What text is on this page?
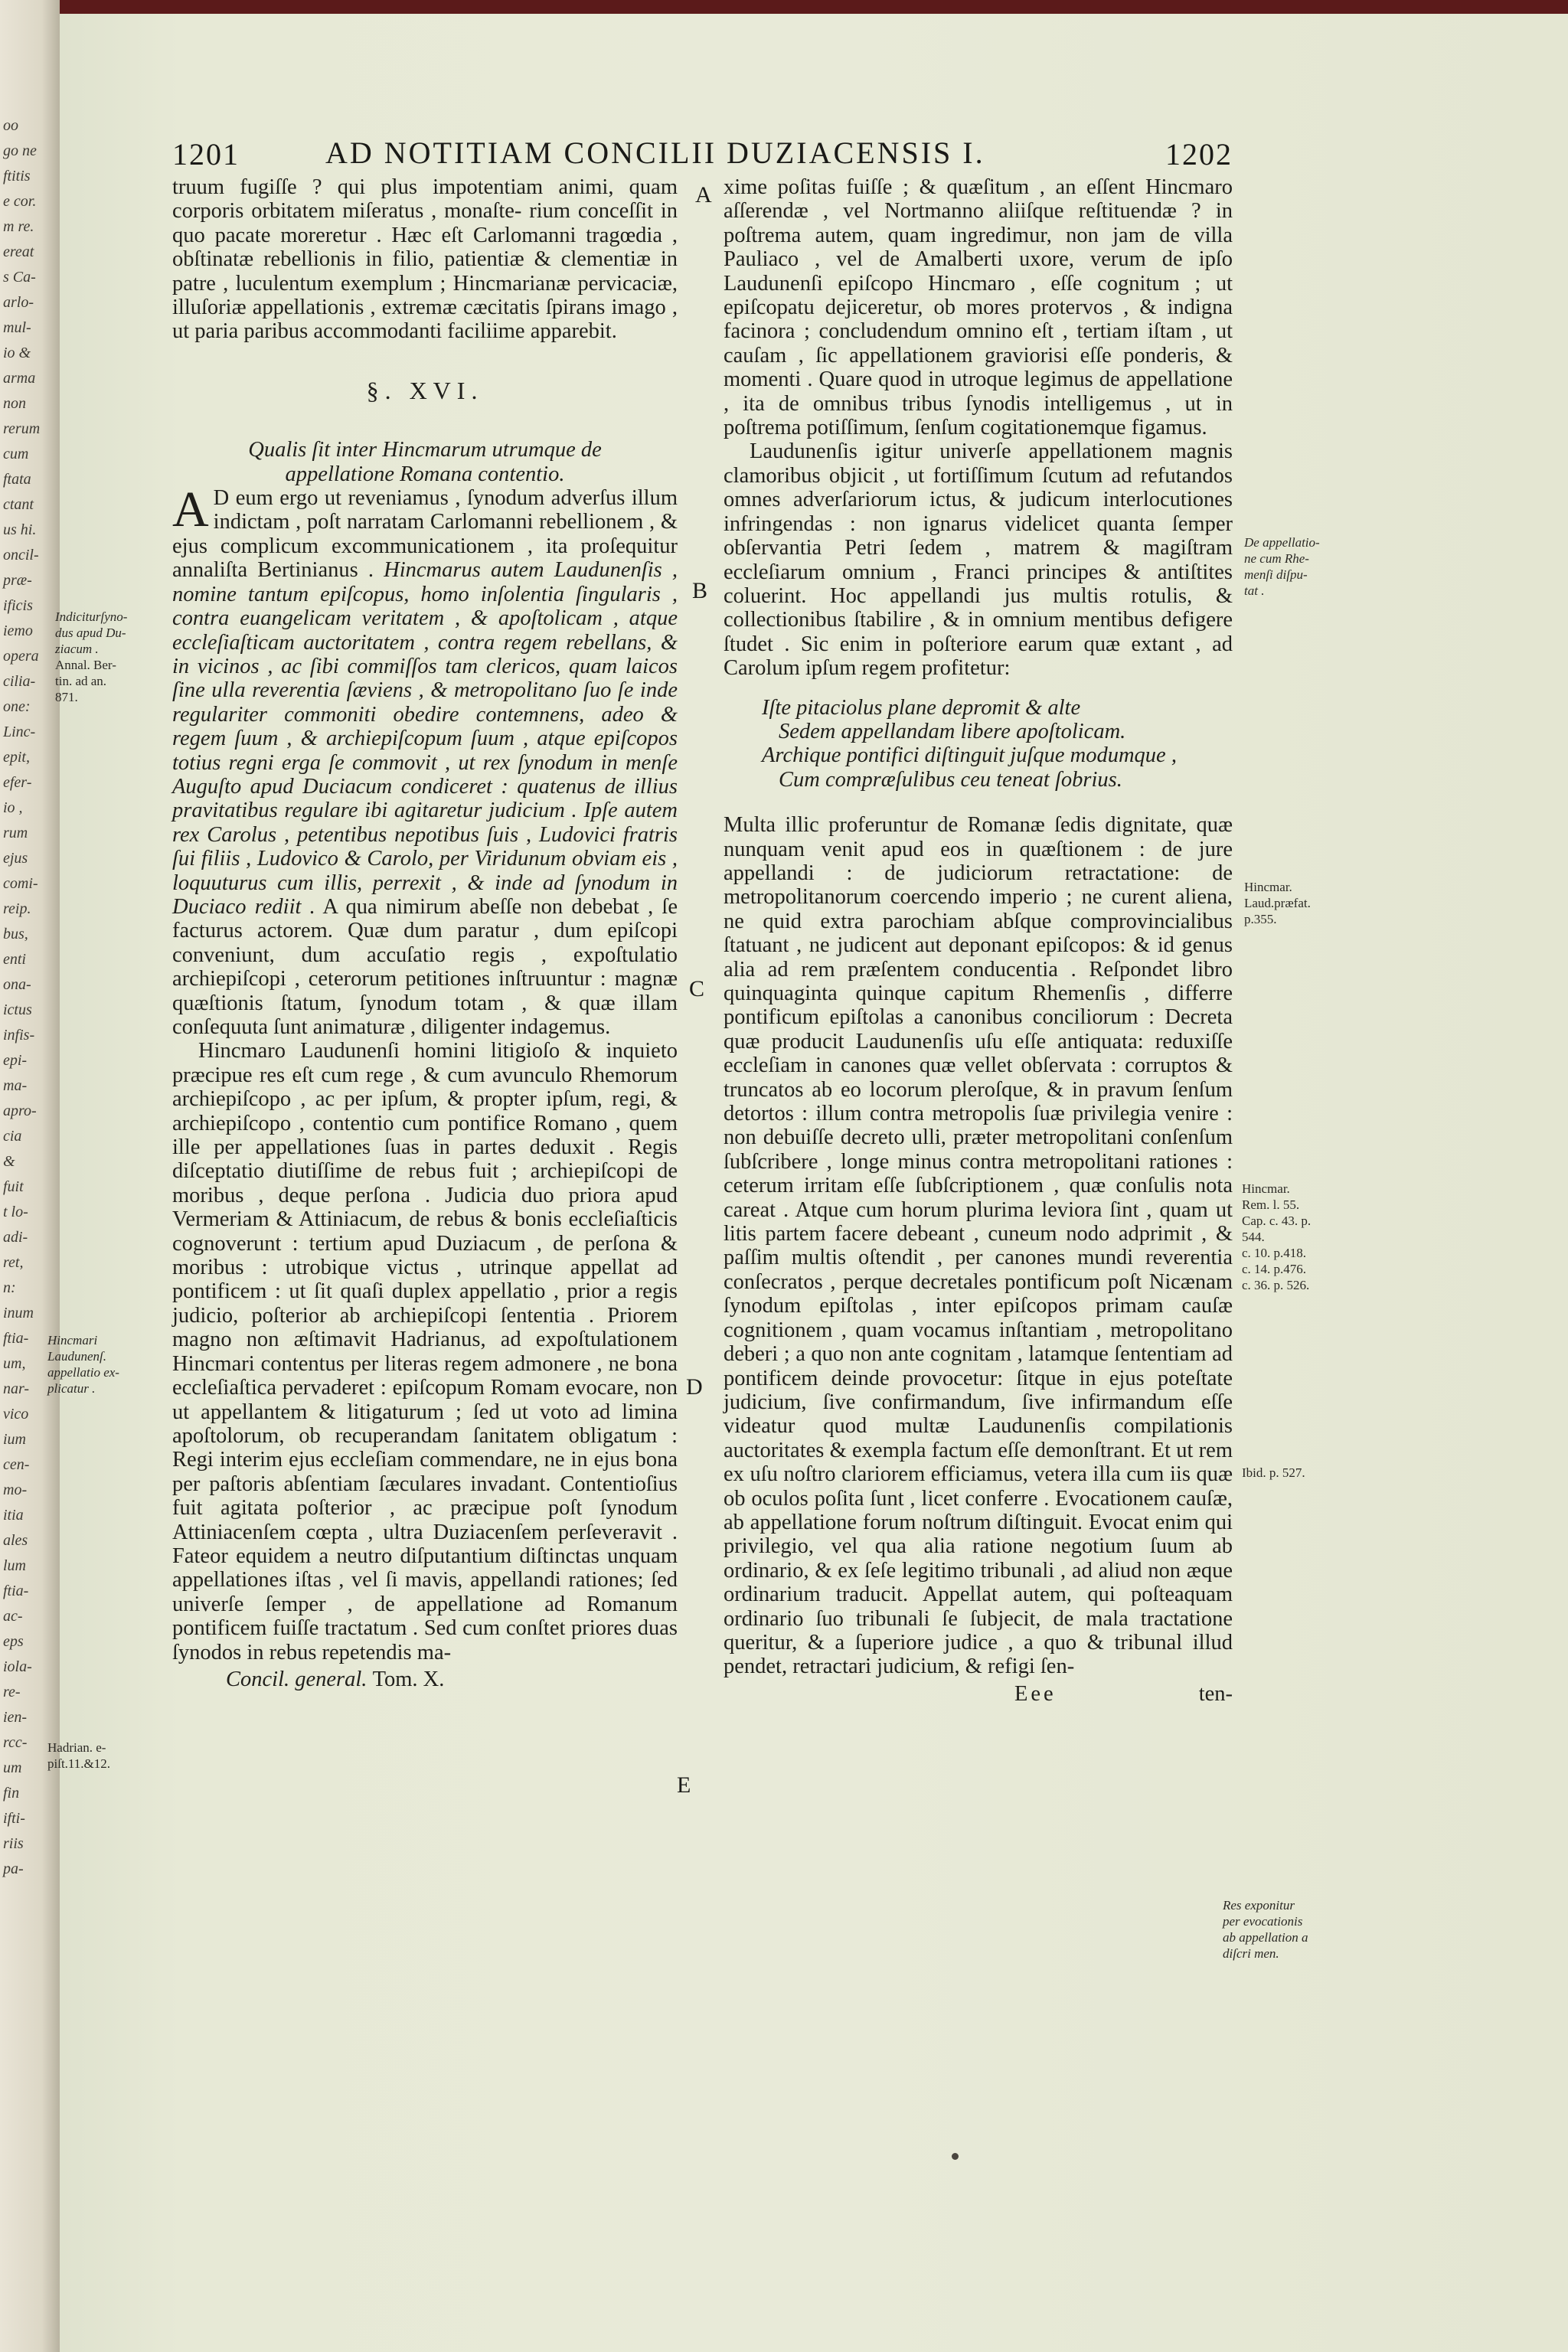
oo
go ne
ftitis
e cor.
m re.
ereat
s Ca-
arlo-
mul-
io &
arma
non
rerum
cum
ftata
ctant
us hi.
oncil-
præ-
ificis
iemo
opera
cilia-
one:
Linc-
epit,
efer-
io ,
rum
ejus
comi-
reip.
bus,
enti
ona-
ictus
infis-
epi-
ma-
apro-
cia
&
fuit
t lo-
adi-
ret,
n:
inum
ftia-
um,
nar-
vico
ium
cen-
mo-
itia
ales
lum
ftia-
ac-
eps
iola-
re-
ien-
rcc-
um
fin
ifti-
riis
pa-
1201	AD NOTITIAM CONCILII DUZIACENSIS I.	1202

truum fugiſſe ? qui plus impotentiam animi, quam corporis orbitatem miſeratus , monaſte- rium conceſſit in quo pacate moreretur . Hæc eſt Carlomanni tragœdia , obſtinatæ rebellionis in filio, patientiæ & clementiæ in patre , luculentum exemplum ; Hincmarianæ pervicaciæ, illuſoriæ appellationis , extremæ cæcitatis ſpirans imago , ut paria paribus accommodanti faciliime apparebit.

§. XVI.

Qualis ſit inter Hincmarum utrumque de appellatione Romana contentio.

A D eum ergo ut reveniamus , ſynodum adverſus illum indictam , poſt narratam Carlomanni rebellionem , & ejus complicum excommunicationem , ita proſequitur annaliſta Bertinianus . Hincmarus autem Laudunenſis , nomine tantum epiſcopus, homo inſolentia ſingularis , contra euangelicam veritatem , & apoſtolicam , atque eccleſiaſticam auctoritatem , contra regem rebellans, & in vicinos , ac ſibi commiſſos tam clericos, quam laicos ſine ulla reverentia ſæviens , & metropolitano ſuo ſe inde regulariter commoniti obedire contemnens, adeo & regem ſuum , & archiepiſcopum ſuum , atque epiſcopos totius regni erga ſe commovit , ut rex ſynodum in menſe Auguſto apud Duciacum condiceret : quatenus de illius pravitatibus regulare ibi agitaretur judicium . Ipſe autem rex Carolus , petentibus nepotibus ſuis , Ludovici fratris ſui filiis , Ludovico & Carolo, per Viridunum obviam eis , loquuturus cum illis, perrexit , & inde ad ſynodum in Duciaco rediit . A qua nimirum abeſſe non debebat , ſe facturus actorem. Quæ dum paratur , dum epiſcopi conveniunt, dum accuſatio regis , expoſtulatio archiepiſcopi , ceterorum petitiones inſtruuntur : magnæ quæſtionis ſtatum, ſynodum totam , & quæ illam conſequuta ſunt animaturæ , diligenter indagemus.

Hincmaro Laudunenſi homini litigioſo & inquieto præcipue res eſt cum rege , & cum avunculo Rhemorum archiepiſcopo , ac per ipſum, & propter ipſum, regi, & archiepiſcopo , contentio cum pontifice Romano , quem ille per appellationes ſuas in partes deduxit . Regis diſceptatio diutiſſime de rebus fuit ; archiepiſcopi de moribus , deque perſona . Judicia duo priora apud Vermeriam & Attiniacum, de rebus & bonis eccleſiaſticis cognoverunt : tertium apud Duziacum , de perſona & moribus : utrobique victus , utrinque appellat ad pontificem : ut ſit quaſi duplex appellatio , prior a regis judicio, poſterior ab archiepiſcopi ſententia . Priorem magno non æſtimavit Hadrianus, ad expoſtulationem Hincmari contentus per literas regem admonere , ne bona eccleſiaſtica pervaderet : epiſcopum Romam evocare, non ut appellantem & litigaturum ; ſed ut voto ad limina apoſtolorum, ob recuperandam ſanitatem obligatum : Regi interim ejus eccleſiam commendare, ne in ejus bona per paſtoris abſentiam ſæculares invadant. Contentioſius fuit agitata poſterior , ac præcipue poſt ſynodum Attiniacenſem cœpta , ultra Duziacenſem perſeveravit . Fateor equidem a neutro diſputantium diſtinctas unquam appellationes iſtas , vel ſi mavis, appellandi rationes; ſed univerſe ſemper , de appellatione ad Romanum pontificem fuiſſe tractatum . Sed cum conſtet priores duas ſynodos in rebus repetendis ma-

Concil. general. Tom. X.

xime poſitas fuiſſe ; & quæſitum , an eſſent Hincmaro aſſerendæ , vel Nortmanno aliiſque reſtituendæ ? in poſtrema autem, quam ingredimur, non jam de villa Pauliaco , vel de Amalberti uxore, verum de ipſo Laudunenſi epiſcopo Hincmaro , eſſe cognitum ; ut epiſcopatu dejiceretur, ob mores protervos , & indigna facinora ; concludendum omnino eſt , tertiam iſtam , ut cauſam , ſic appellationem graviorisi eſſe ponderis, & momenti . Quare quod in utroque legimus de appellatione , ita de omnibus tribus ſynodis intelligemus , ut in poſtrema potiſſimum, ſenſum cogitationemque figamus.

Laudunenſis igitur univerſe appellationem magnis clamoribus objicit , ut fortiſſimum ſcutum ad refutandos omnes adverſariorum ictus, & judicum interlocutiones infringendas : non ignarus videlicet quanta ſemper obſervantia Petri ſedem , matrem & magiſtram eccleſiarum omnium , Franci principes & antiſtites coluerint. Hoc appellandi jus multis rotulis, & collectionibus ſtabilire , & in omnium mentibus defigere ſtudet . Sic enim in poſteriore earum quæ extant , ad Carolum ipſum regem profitetur:

Iſte pitaciolus plane depromit & alte
Sedem appellandam libere apoſtolicam.
Archique pontifici diſtinguit juſque modumque ,
Cum compræſulibus ceu teneat ſobrius.

Multa illic proferuntur de Romanæ ſedis dignitate, quæ nunquam venit apud eos in quæſtionem : de jure appellandi : de judiciorum retractatione: de metropolitanorum coercendo imperio ; ne curent aliena, ne quid extra parochiam abſque comprovincialibus ſtatuant , ne judicent aut deponant epiſcopos: & id genus alia ad rem præſentem conducentia . Reſpondet libro quinquaginta quinque capitum Rhemenſis , differre pontificum epiſtolas a canonibus conciliorum : Decreta quæ producit Laudunenſis uſu eſſe antiquata: reduxiſſe eccleſiam in canones quæ vellet obſervata : corruptos & truncatos ab eo locorum pleroſque, & in pravum ſenſum detortos : illum contra metropolis ſuæ privilegia venire : non debuiſſe decreto ulli, præter metropolitani conſenſum ſubſcribere , longe minus contra metropolitani rationes : ceterum irritam eſſe ſubſcriptionem , quæ conſulis nota careat . Atque cum horum plurima leviora ſint , quam ut litis partem facere debeant , cuneum nodo adprimit , & paſſim multis oſtendit , per canones mundi reverentia conſecratos , perque decretales pontificum poſt Nicænam ſynodum epiſtolas , inter epiſcopos primam cauſæ cognitionem , quam vocamus inſtantiam , metropolitano deberi ; a quo non ante cognitam , latamque ſententiam ad pontificem deinde provocetur: ſitque in ejus poteſtate judicium, ſive confirmandum, ſive infirmandum eſſe videatur quod multæ Laudunenſis compilationis auctoritates & exempla factum eſſe demonſtrant. Et ut rem ex uſu noſtro clariorem efficiamus, vetera illa cum iis quæ ob oculos poſita ſunt , licet conferre . Evocationem cauſæ, ab appellatione forum noſtrum diſtinguit. Evocat enim qui privilegio, vel qua alia ratione negotium ſuum ab ordinario, & ex ſeſe legitimo tribunali , ad aliud non æque ordinarium traducit. Appellat autem, qui poſteaquam ordinario ſuo tribunali ſe ſubjecit, de mala tractatione queritur, & a ſuperiore judice , a quo & tribunal illud pendet, retractari judicium, & refigi ſen-

Eee	ten-
A
B
C
D
E
Indiciturſyno-
dus apud Du-
ziacum .
Annal. Ber-
tin. ad an.
871.
Hincmari
Laudunenſ.
appellatio ex-
plicatur .
Hadrian. e-
piſt.11.&12.
De appellatio-
ne cum Rhe-
menſi diſpu-
tat .
Hincmar.
Laud.præfat.
p.355.
Hincmar.
Rem. l. 55.
Cap. c. 43. p.
544.
c. 10. p.418.
c. 14. p.476.
c. 36. p. 526.
Ibid. p. 527.
Res exponitur
per evocationis
ab appellation a
diſcri men.
